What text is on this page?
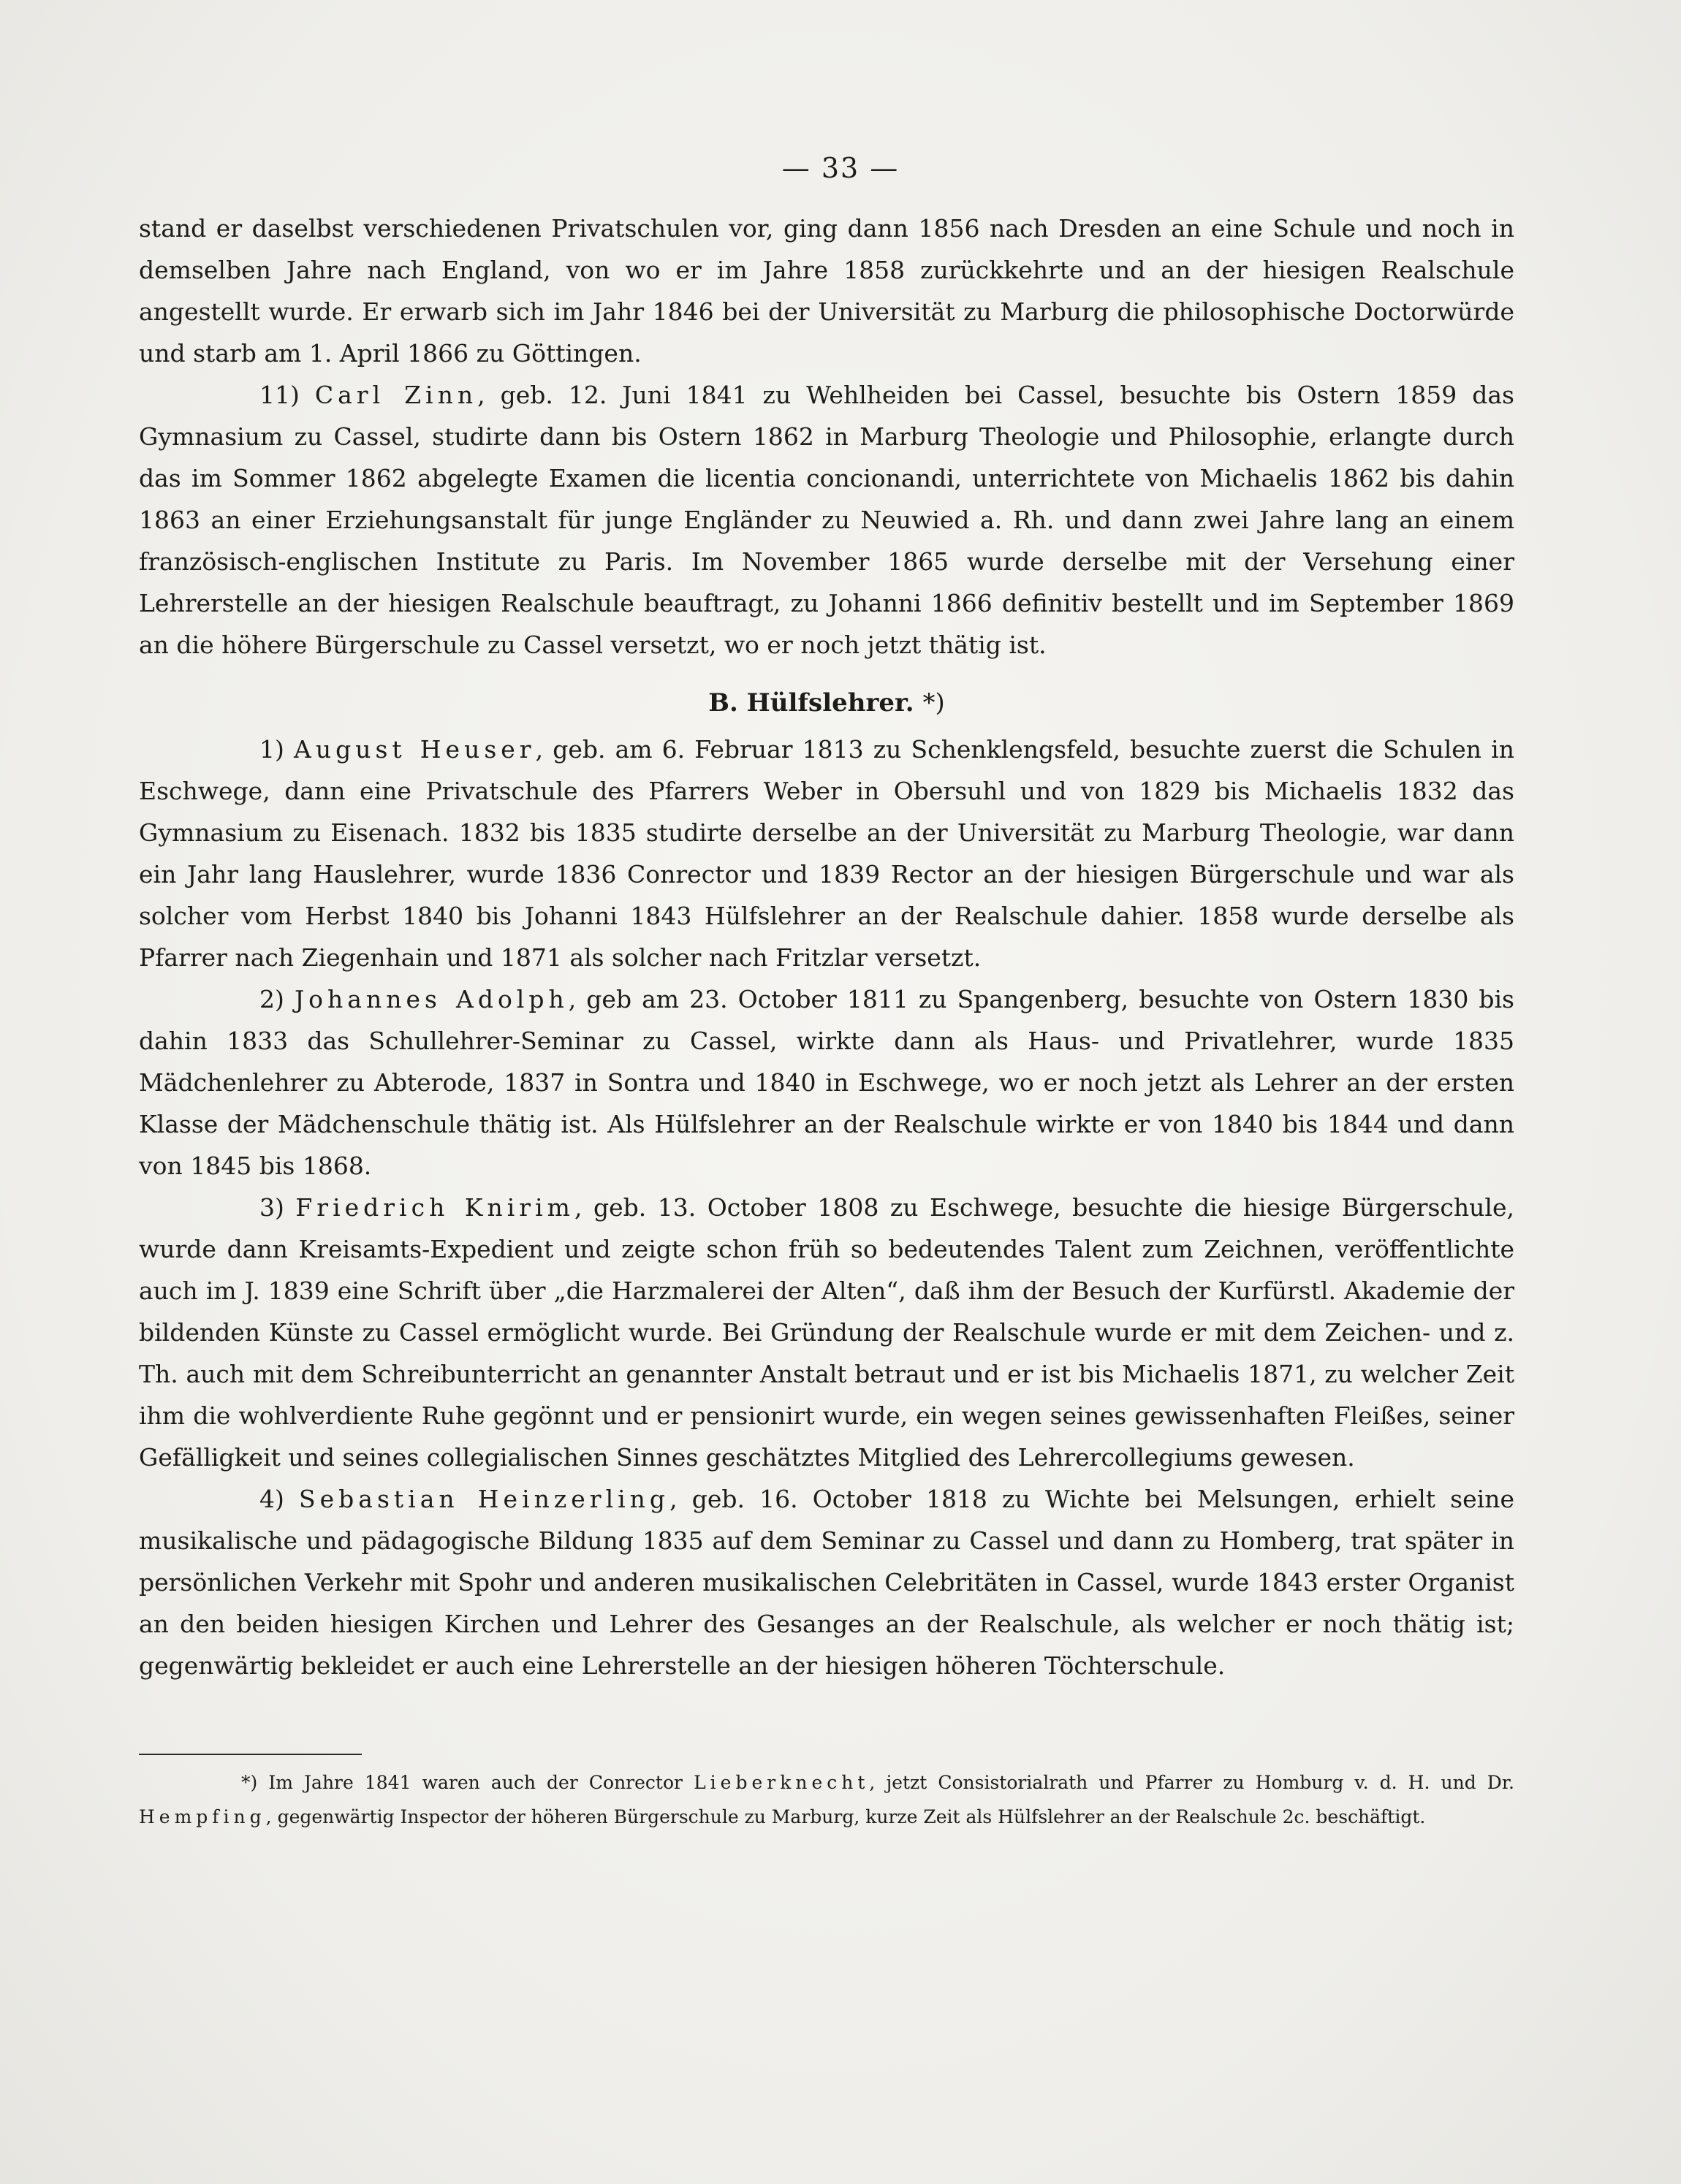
— 33 —

stand er daselbst verschiedenen Privatschulen vor, ging dann 1856 nach Dresden an eine Schule und noch in demselben Jahre nach England, von wo er im Jahre 1858 zurückkehrte und an der hiesigen Realschule angestellt wurde. Er erwarb sich im Jahr 1846 bei der Universität zu Marburg die philosophische Doctorwürde und starb am 1. April 1866 zu Göttingen.

11) Carl Zinn, geb. 12. Juni 1841 zu Wehlheiden bei Cassel, besuchte bis Ostern 1859 das Gymnasium zu Cassel, studirte dann bis Ostern 1862 in Marburg Theologie und Philosophie, erlangte durch das im Sommer 1862 abgelegte Examen die licentia concionandi, unterrichtete von Michaelis 1862 bis dahin 1863 an einer Erziehungsanstalt für junge Engländer zu Neuwied a. Rh. und dann zwei Jahre lang an einem französisch-englischen Institute zu Paris. Im November 1865 wurde derselbe mit der Versehung einer Lehrerstelle an der hiesigen Realschule beauftragt, zu Johanni 1866 definitiv bestellt und im September 1869 an die höhere Bürgerschule zu Cassel versetzt, wo er noch jetzt thätig ist.

B. Hülfslehrer. *)

1) August Heuser, geb. am 6. Februar 1813 zu Schenklengsfeld, besuchte zuerst die Schulen in Eschwege, dann eine Privatschule des Pfarrers Weber in Obersuhl und von 1829 bis Michaelis 1832 das Gymnasium zu Eisenach. 1832 bis 1835 studirte derselbe an der Universität zu Marburg Theologie, war dann ein Jahr lang Hauslehrer, wurde 1836 Conrector und 1839 Rector an der hiesigen Bürgerschule und war als solcher vom Herbst 1840 bis Johanni 1843 Hülfslehrer an der Realschule dahier. 1858 wurde derselbe als Pfarrer nach Ziegenhain und 1871 als solcher nach Fritzlar versetzt.

2) Johannes Adolph, geb am 23. October 1811 zu Spangenberg, besuchte von Ostern 1830 bis dahin 1833 das Schullehrer-Seminar zu Cassel, wirkte dann als Haus- und Privatlehrer, wurde 1835 Mädchenlehrer zu Abterode, 1837 in Sontra und 1840 in Eschwege, wo er noch jetzt als Lehrer an der ersten Klasse der Mädchenschule thätig ist. Als Hülfslehrer an der Realschule wirkte er von 1840 bis 1844 und dann von 1845 bis 1868.

3) Friedrich Knirim, geb. 13. October 1808 zu Eschwege, besuchte die hiesige Bürgerschule, wurde dann Kreisamts-Expedient und zeigte schon früh so bedeutendes Talent zum Zeichnen, veröffentlichte auch im J. 1839 eine Schrift über „die Harzmalerei der Alten“, daß ihm der Besuch der Kurfürstl. Akademie der bildenden Künste zu Cassel ermöglicht wurde. Bei Gründung der Realschule wurde er mit dem Zeichen- und z. Th. auch mit dem Schreibunterricht an genannter Anstalt betraut und er ist bis Michaelis 1871, zu welcher Zeit ihm die wohlverdiente Ruhe gegönnt und er pensionirt wurde, ein wegen seines gewissenhaften Fleißes, seiner Gefälligkeit und seines collegialischen Sinnes geschätztes Mitglied des Lehrercollegiums gewesen.

4) Sebastian Heinzerling, geb. 16. October 1818 zu Wichte bei Melsungen, erhielt seine musikalische und pädagogische Bildung 1835 auf dem Seminar zu Cassel und dann zu Homberg, trat später in persönlichen Verkehr mit Spohr und anderen musikalischen Celebritäten in Cassel, wurde 1843 erster Organist an den beiden hiesigen Kirchen und Lehrer des Gesanges an der Realschule, als welcher er noch thätig ist; gegenwärtig bekleidet er auch eine Lehrerstelle an der hiesigen höheren Töchterschule.

*) Im Jahre 1841 waren auch der Conrector Lieberknecht, jetzt Consistorialrath und Pfarrer zu Homburg v. d. H. und Dr. Hempfing, gegenwärtig Inspector der höheren Bürgerschule zu Marburg, kurze Zeit als Hülfslehrer an der Realschule 2c. beschäftigt.
